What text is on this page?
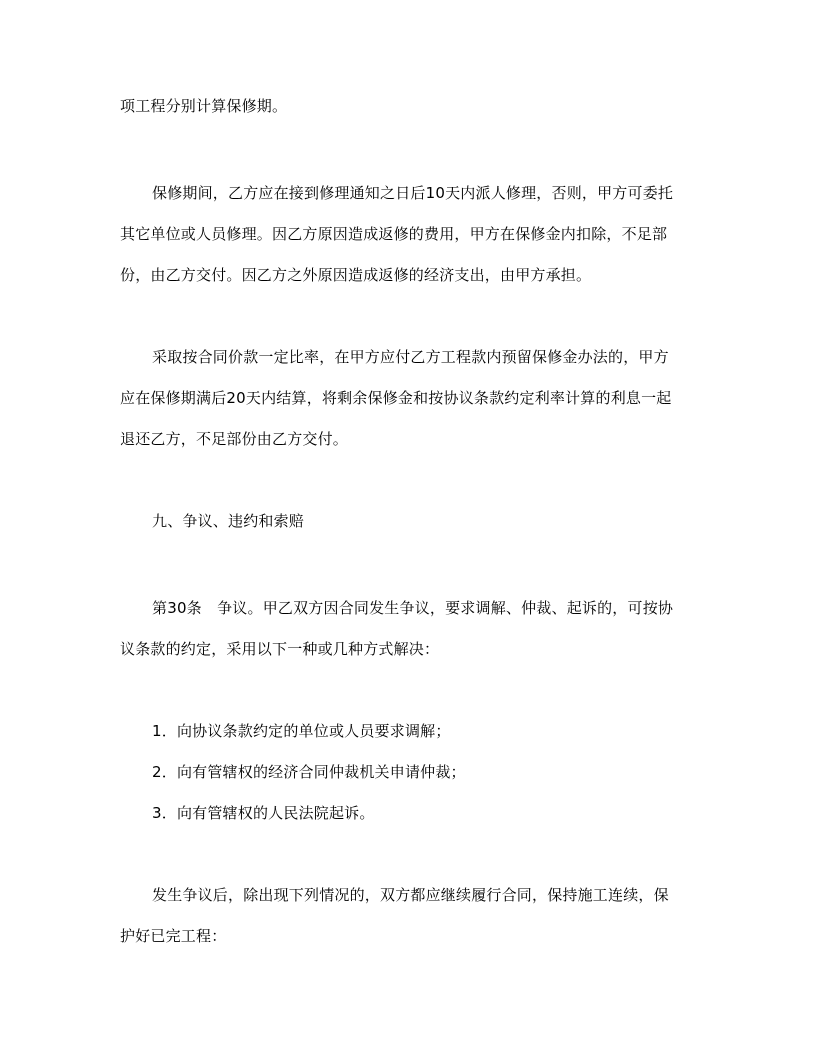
项工程分别计算保修期。
保修期间，乙方应在接到修理通知之日后10天内派人修理，否则，甲方可委托
其它单位或人员修理。因乙方原因造成返修的费用，甲方在保修金内扣除，不足部
份，由乙方交付。因乙方之外原因造成返修的经济支出，由甲方承担。
采取按合同价款一定比率，在甲方应付乙方工程款内预留保修金办法的，甲方
应在保修期满后20天内结算，将剩余保修金和按协议条款约定利率计算的利息一起
退还乙方，不足部份由乙方交付。
九、争议、违约和索赔
第30条　争议。甲乙双方因合同发生争议，要求调解、仲裁、起诉的，可按协
议条款的约定，采用以下一种或几种方式解决：
1．向协议条款约定的单位或人员要求调解；
2．向有管辖权的经济合同仲裁机关申请仲裁；
3．向有管辖权的人民法院起诉。
发生争议后，除出现下列情况的，双方都应继续履行合同，保持施工连续，保
护好已完工程：
